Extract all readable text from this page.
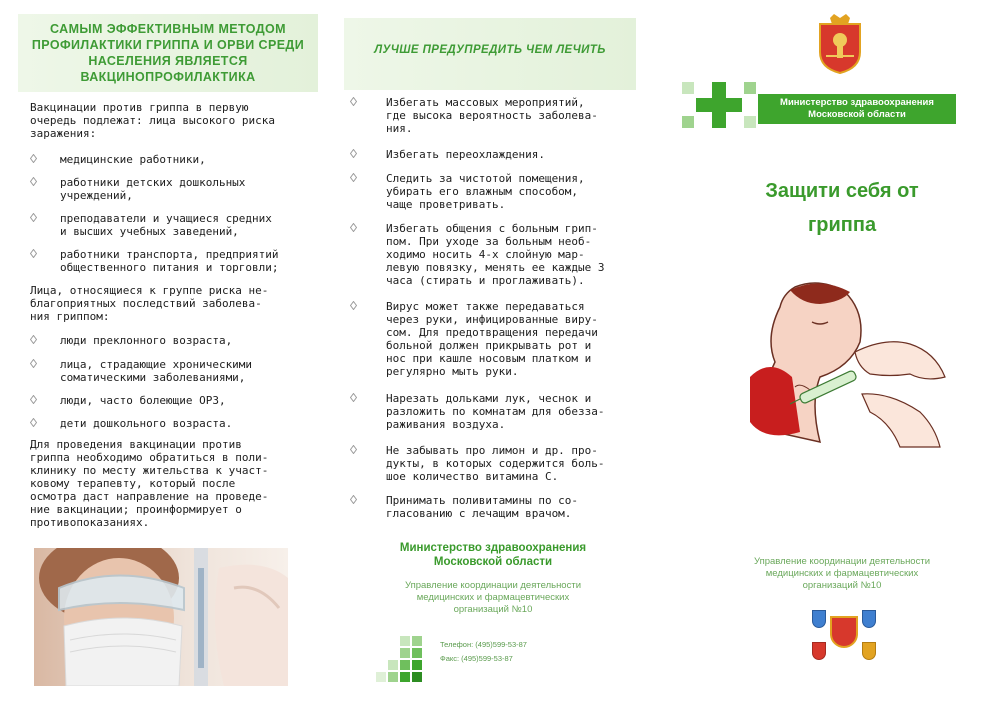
САМЫМ ЭФФЕКТИВНЫМ МЕТОДОМ ПРОФИЛАКТИКИ ГРИППА И ОРВИ СРЕДИ НАСЕЛЕНИЯ ЯВЛЯЕТСЯ ВАКЦИНОПРОФИЛАКТИКА
Вакцинации против гриппа в первую
очередь подлежат: лица высокого риска
заражения:
медицинские работники,
работники детских дошкольных
учреждений,
преподаватели и учащиеся средних
и высших учебных заведений,
работники транспорта, предприятий
общественного питания и торговли;
Лица, относящиеся к группе риска не-
благоприятных последствий заболева-
ния гриппом:
люди преклонного возраста,
лица, страдающие хроническими
соматическими заболеваниями,
люди, часто болеющие ОРЗ,
дети дошкольного возраста.
Для проведения вакцинации против
гриппа необходимо обратиться в поли-
клинику по месту жительства к участ-
ковому терапевту, который после
осмотра даст направление на проведе-
ние вакцинации; проинформирует о
противопоказаниях.
ЛУЧШЕ ПРЕДУПРЕДИТЬ ЧЕМ ЛЕЧИТЬ
Избегать массовых мероприятий,
где высока вероятность заболева-
ния.
Избегать переохлаждения.
Следить за чистотой помещения,
убирать его влажным способом,
чаще проветривать.
Избегать общения с больным грип-
пом. При уходе за больным необ-
ходимо носить 4-х слойную мар-
левую повязку, менять ее каждые 3
часа (стирать и проглаживать).
Вирус может также передаваться
через руки, инфицированные виру-
сом. Для предотвращения передачи
больной должен прикрывать рот и
нос при кашле носовым платком и
регулярно мыть руки.
Нарезать дольками лук, чеснок и
разложить по комнатам для обезза-
раживания воздуха.
Не забывать про лимон и др. про-
дукты, в которых содержится боль-
шое количество витамина С.
Принимать поливитамины по со-
гласованию с лечащим врачом.
Министерство здравоохранения
Московской области
Управление координации деятельности
медицинских и фармацевтических
организаций №10
Телефон: (495)599-53-87
Факс: (495)599-53-87
Министерство здравоохранения
Московской области
Защити себя от
гриппа
Управление координации деятельности
медицинских и фармацевтических
организаций №10
